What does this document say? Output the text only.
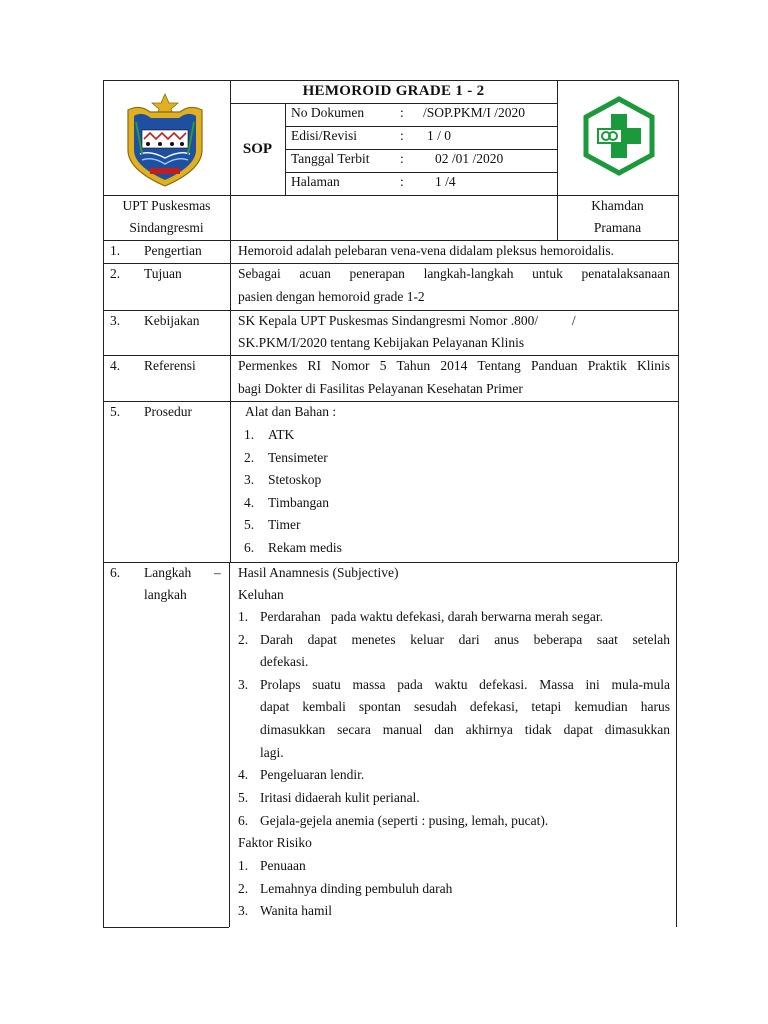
HEMOROID GRADE 1 - 2
SOP
No Dokumen	: /SOP.PKM/I /2020
Edisi/Revisi	: 1 / 0
Tanggal Terbit : 02 /01 /2020
Halaman	: 1 /4
UPT Puskesmas
Sindangresmi
Khamdan
Pramana
1. Pengertian	Hemoroid adalah pelebaran vena-vena didalam pleksus hemoroidalis.
2. Tujuan	Sebagai acuan penerapan langkah-langkah untuk penatalaksanaan
pasien dengan hemoroid grade 1-2
3. Kebijakan	SK Kepala UPT Puskesmas Sindangresmi Nomor .800/          /
SK.PKM/I/2020 tentang Kebijakan Pelayanan Klinis
4. Referensi	Permenkes RI Nomor 5 Tahun 2014 Tentang Panduan Praktik Klinis
bagi Dokter di Fasilitas Pelayanan Kesehatan Primer
5. Prosedur	Alat dan Bahan :
1. ATK
2. Tensimeter
3. Stetoskop
4. Timbangan
5. Timer
6. Rekam medis
6. Langkah –
langkah
Hasil Anamnesis (Subjective)
Keluhan
1. Perdarahan   pada waktu defekasi, darah berwarna merah segar.
2. Darah dapat menetes keluar dari anus beberapa saat setelah
defekasi.
3. Prolaps suatu massa pada waktu defekasi. Massa ini mula-mula
dapat kembali spontan sesudah defekasi, tetapi kemudian harus
dimasukkan secara manual dan akhirnya tidak dapat dimasukkan
lagi.
4. Pengeluaran lendir.
5. Iritasi didaerah kulit perianal.
6. Gejala-gejela anemia (seperti : pusing, lemah, pucat).
Faktor Risiko
1. Penuaan
2. Lemahnya dinding pembuluh darah
3. Wanita hamil
